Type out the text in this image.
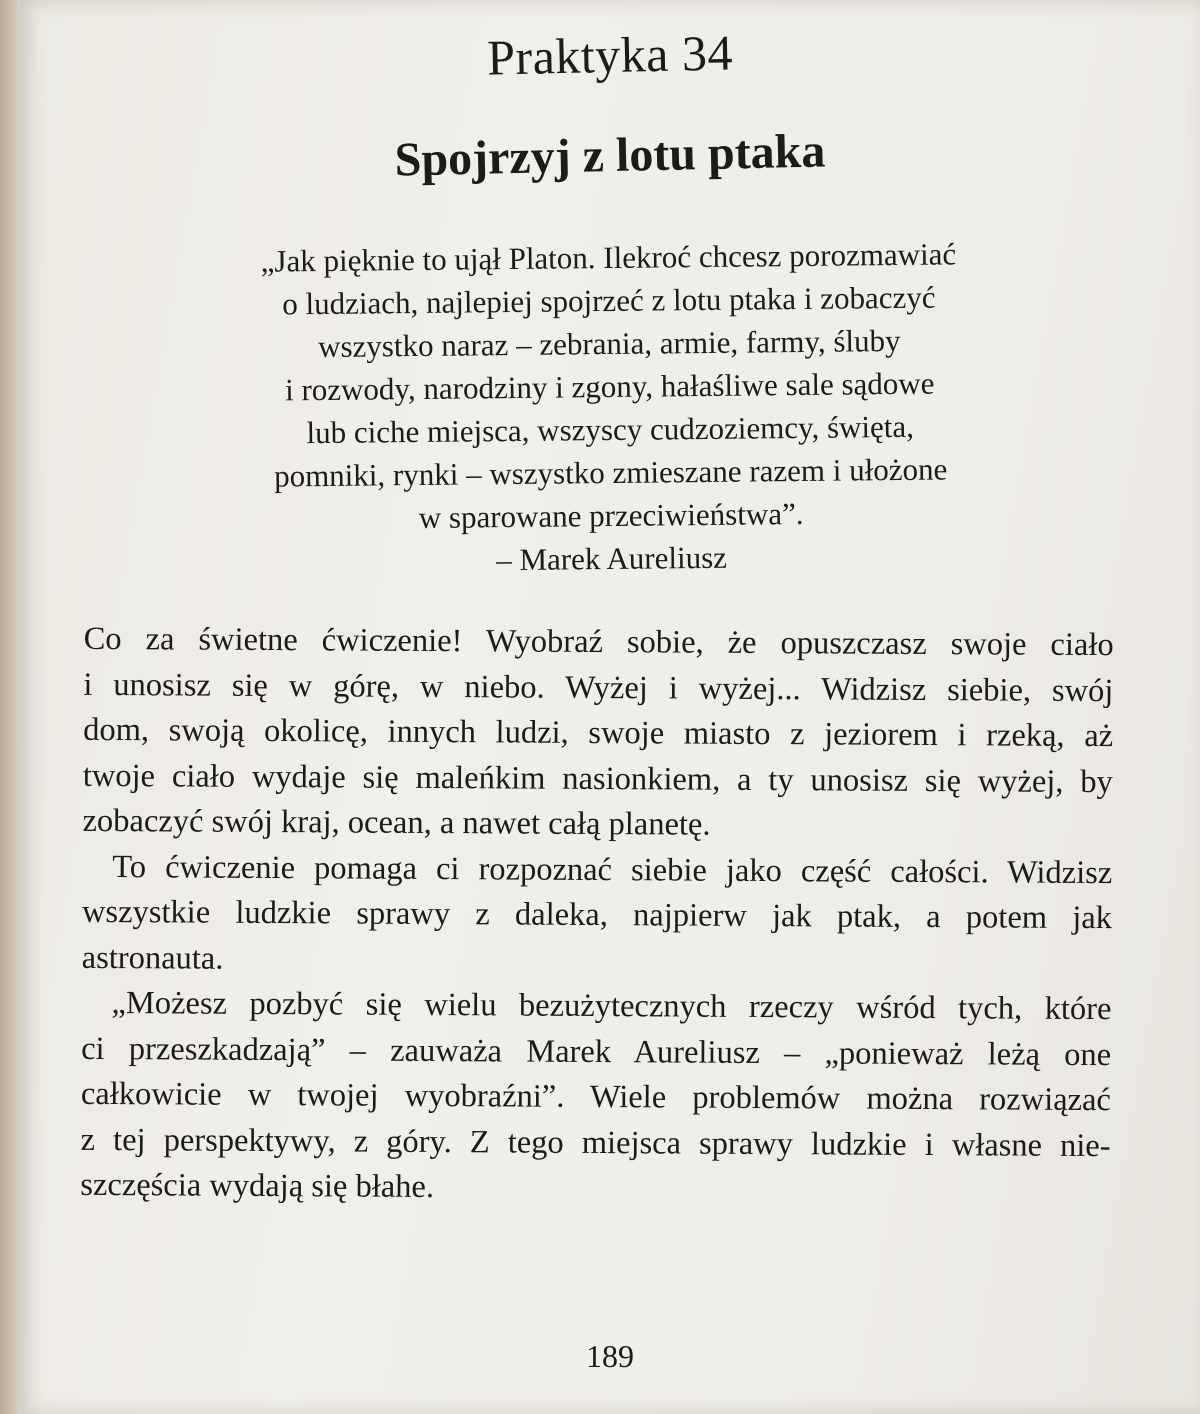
Praktyka 34
Spojrzyj z lotu ptaka
„Jak pięknie to ujął Platon. Ilekroć chcesz porozmawiać
o ludziach, najlepiej spojrzeć z lotu ptaka i zobaczyć
wszystko naraz – zebrania, armie, farmy, śluby
i rozwody, narodziny i zgony, hałaśliwe sale sądowe
lub ciche miejsca, wszyscy cudzoziemcy, święta,
pomniki, rynki – wszystko zmieszane razem i ułożone
w sparowane przeciwieństwa”.
– Marek Aureliusz
Co za świetne ćwiczenie! Wyobraź sobie, że opuszczasz swoje ciało
i unosisz się w górę, w niebo. Wyżej i wyżej... Widzisz siebie, swój
dom, swoją okolicę, innych ludzi, swoje miasto z jeziorem i rzeką, aż
twoje ciało wydaje się maleńkim nasionkiem, a ty unosisz się wyżej, by
zobaczyć swój kraj, ocean, a nawet całą planetę.
To ćwiczenie pomaga ci rozpoznać siebie jako część całości. Widzisz
wszystkie ludzkie sprawy z daleka, najpierw jak ptak, a potem jak
astronauta.
„Możesz pozbyć się wielu bezużytecznych rzeczy wśród tych, które
ci przeszkadzają” – zauważa Marek Aureliusz – „ponieważ leżą one
całkowicie w twojej wyobraźni”. Wiele problemów można rozwiązać
z tej perspektywy, z góry. Z tego miejsca sprawy ludzkie i własne nie-
szczęścia wydają się błahe.
189
